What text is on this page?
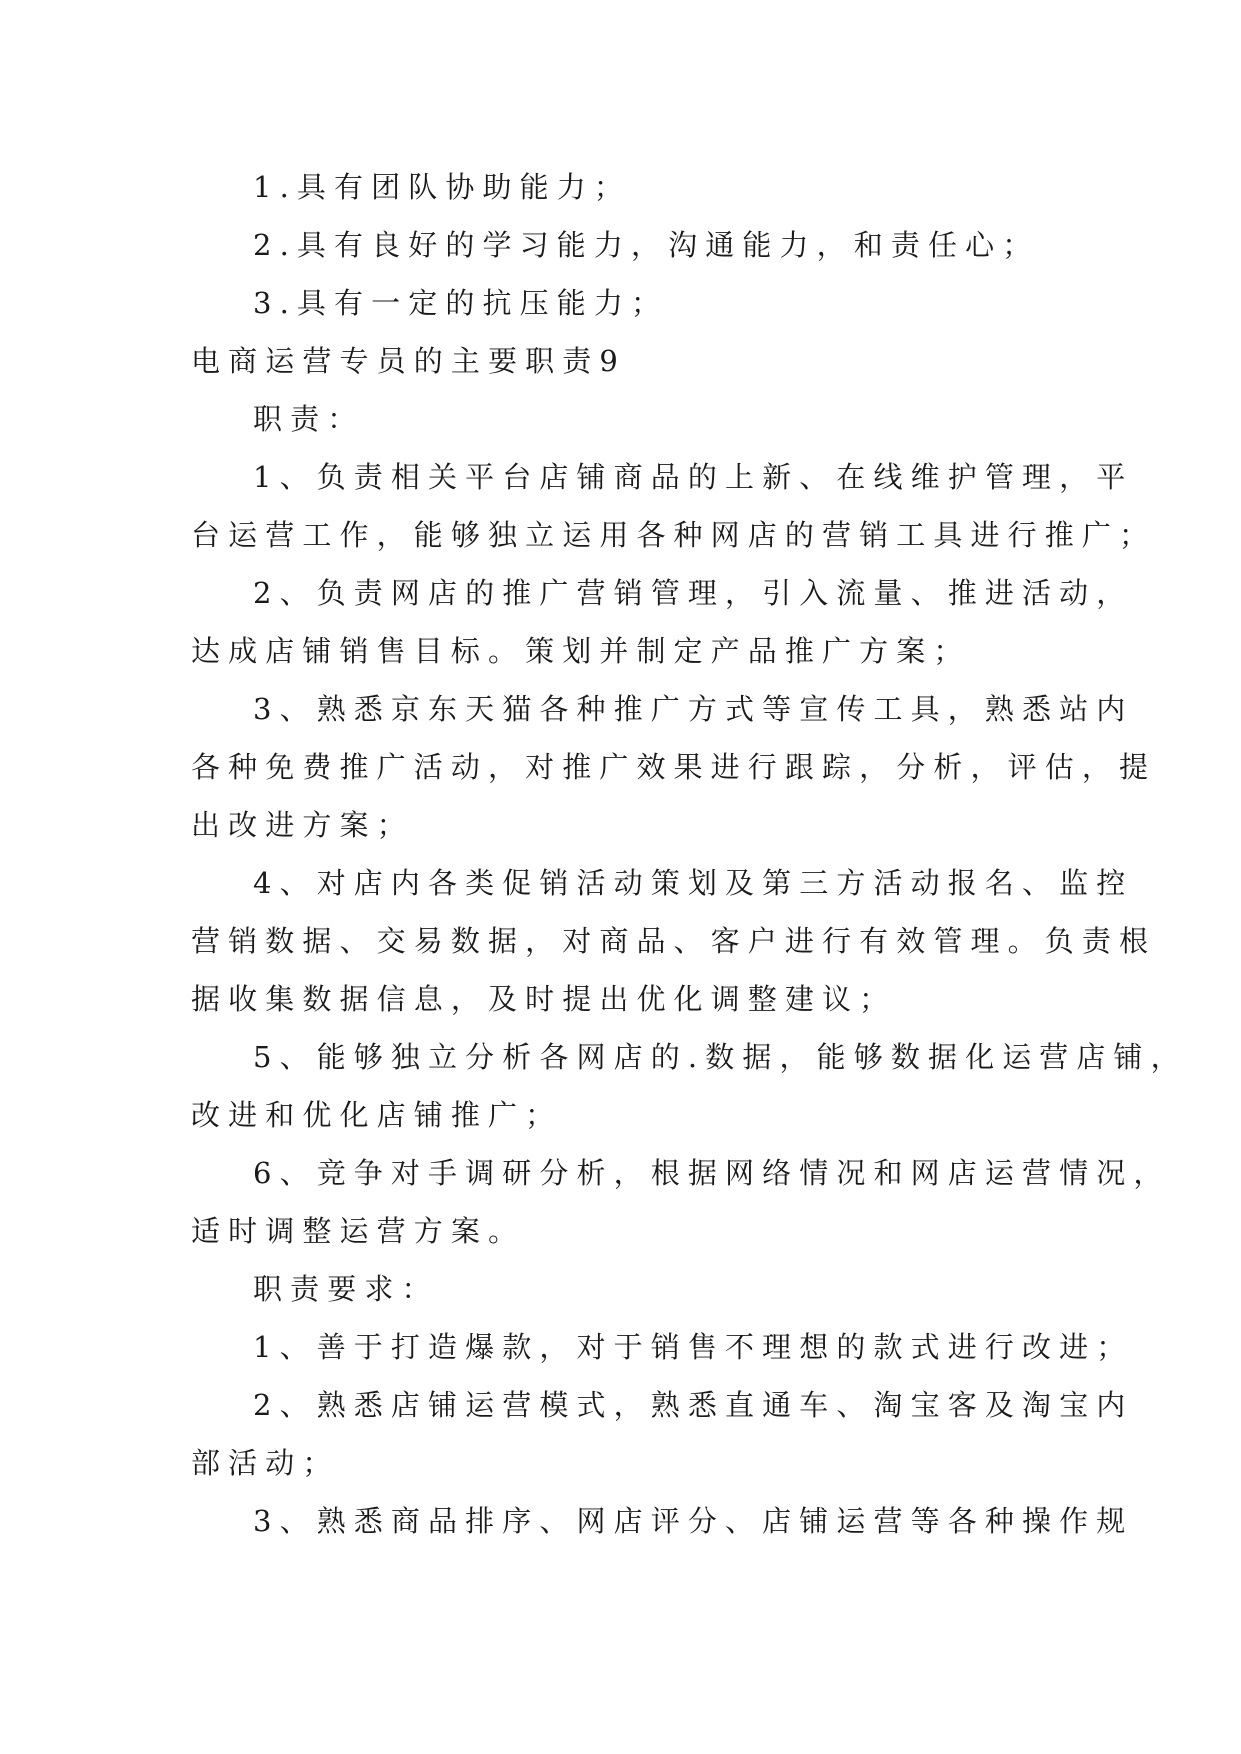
1.具有团队协助能力；
2.具有良好的学习能力，沟通能力，和责任心；
3.具有一定的抗压能力；
电商运营专员的主要职责9
职责：
1、负责相关平台店铺商品的上新、在线维护管理，平
台运营工作，能够独立运用各种网店的营销工具进行推广；
2、负责网店的推广营销管理，引入流量、推进活动，
达成店铺销售目标。策划并制定产品推广方案；
3、熟悉京东天猫各种推广方式等宣传工具，熟悉站内
各种免费推广活动，对推广效果进行跟踪，分析，评估，提
出改进方案；
4、对店内各类促销活动策划及第三方活动报名、监控
营销数据、交易数据，对商品、客户进行有效管理。负责根
据收集数据信息，及时提出优化调整建议；
5、能够独立分析各网店的.数据，能够数据化运营店铺，
改进和优化店铺推广；
6、竞争对手调研分析，根据网络情况和网店运营情况，
适时调整运营方案。
职责要求：
1、善于打造爆款，对于销售不理想的款式进行改进；
2、熟悉店铺运营模式，熟悉直通车、淘宝客及淘宝内
部活动；
3、熟悉商品排序、网店评分、店铺运营等各种操作规
